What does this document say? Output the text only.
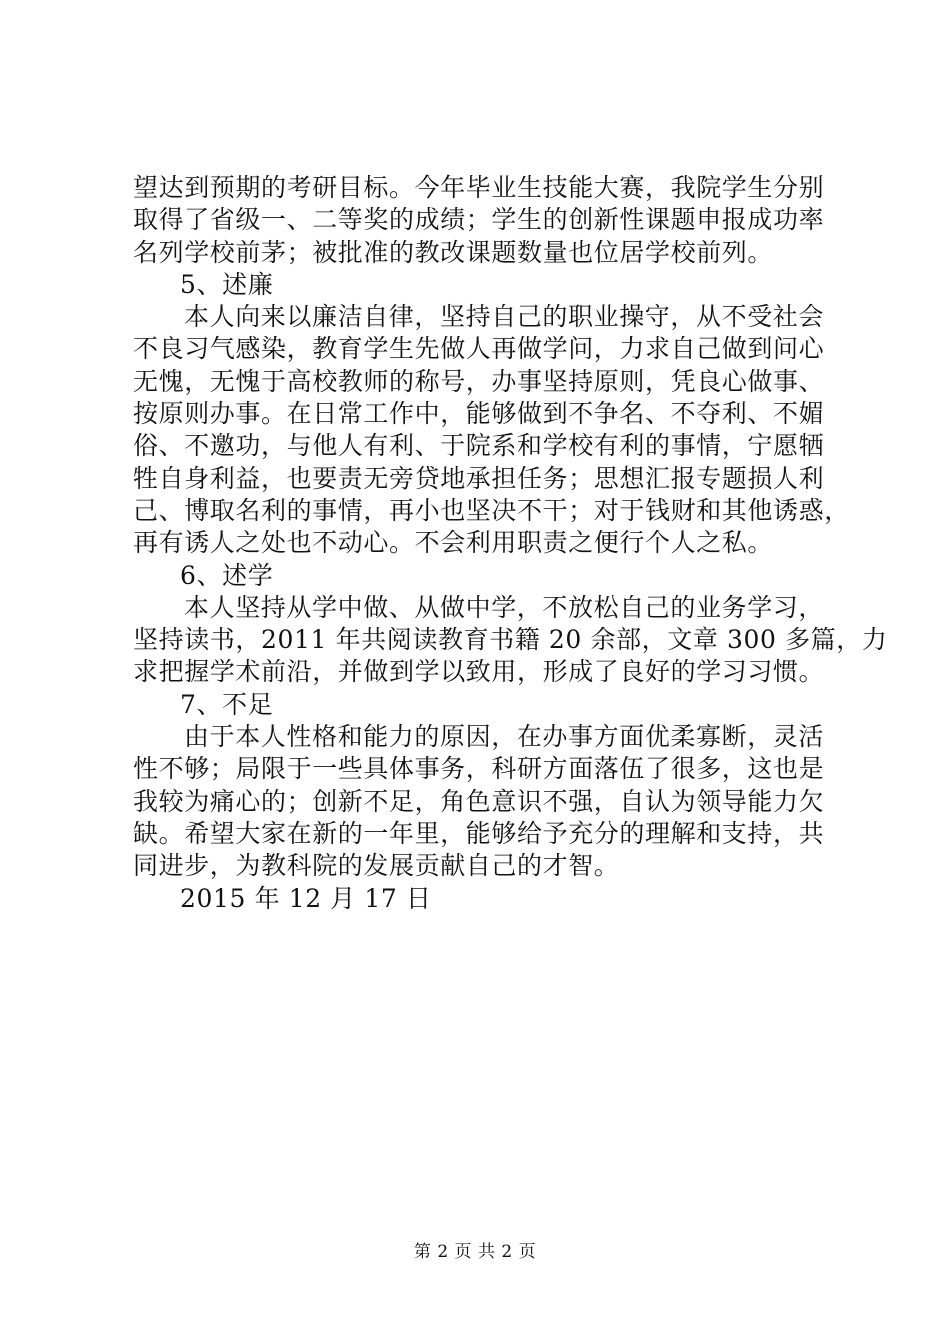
望达到预期的考研目标。今年毕业生技能大赛，我院学生分别
取得了省级一、二等奖的成绩；学生的创新性课题申报成功率
名列学校前茅；被批准的教改课题数量也位居学校前列。
5、述廉
本人向来以廉洁自律，坚持自己的职业操守，从不受社会
不良习气感染，教育学生先做人再做学问，力求自己做到问心
无愧，无愧于高校教师的称号，办事坚持原则，凭良心做事、
按原则办事。在日常工作中，能够做到不争名、不夺利、不媚
俗、不邀功，与他人有利、于院系和学校有利的事情，宁愿牺
牲自身利益，也要责无旁贷地承担任务；思想汇报专题损人利
己、博取名利的事情，再小也坚决不干；对于钱财和其他诱惑，
再有诱人之处也不动心。不会利用职责之便行个人之私。
6、述学
本人坚持从学中做、从做中学，不放松自己的业务学习，
坚持读书，2011 年共阅读教育书籍 20 余部，文章 300 多篇，力
求把握学术前沿，并做到学以致用，形成了良好的学习习惯。
7、不足
由于本人性格和能力的原因，在办事方面优柔寡断，灵活
性不够；局限于一些具体事务，科研方面落伍了很多，这也是
我较为痛心的；创新不足，角色意识不强，自认为领导能力欠
缺。希望大家在新的一年里，能够给予充分的理解和支持，共
同进步，为教科院的发展贡献自己的才智。
2015 年 12 月 17 日
第 2 页 共 2 页
